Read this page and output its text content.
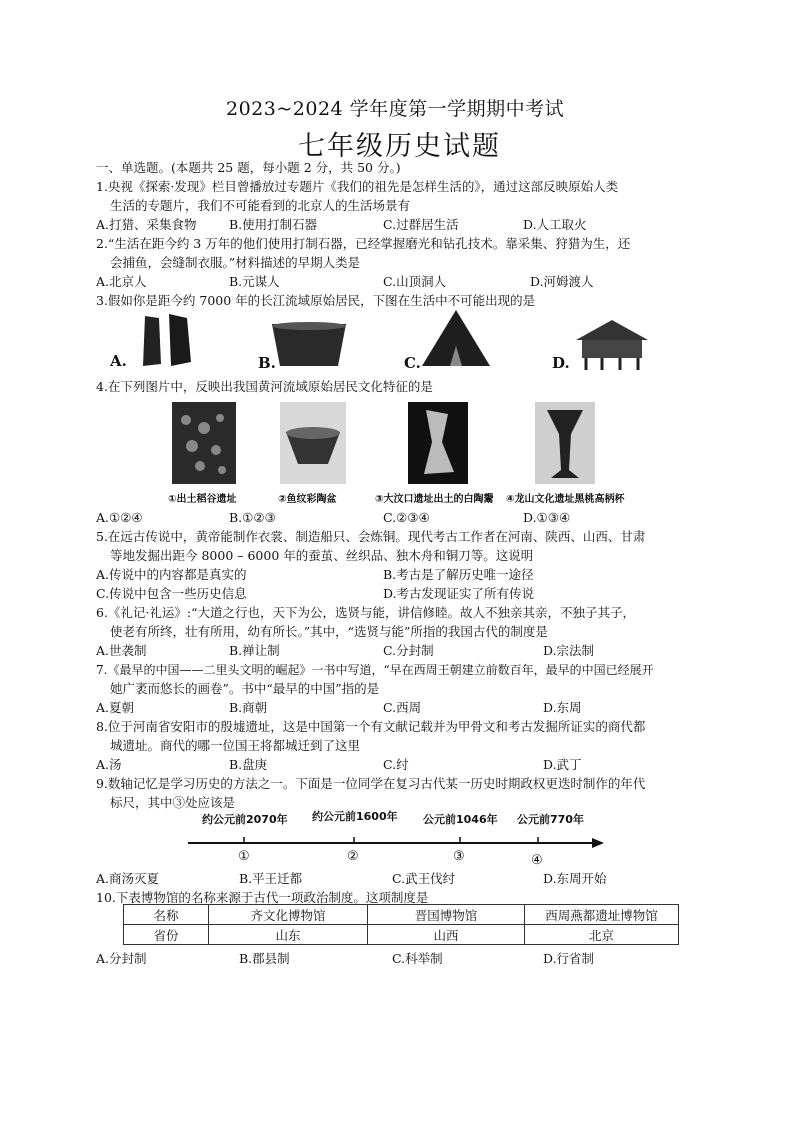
2023~2024 学年度第一学期期中考试
七年级历史试题
一、单选题。(本题共 25 题，每小题 2 分，共 50 分。)
1.央视《探索·发现》栏目曾播放过专题片《我们的祖先是怎样生活的》，通过这部反映原始人类
生活的专题片，我们不可能看到的北京人的生活场景有
A.打猎、采集食物	B.使用打制石器	C.过群居生活	D.人工取火
2.“生活在距今约 3 万年的他们使用打制石器，已经掌握磨光和钻孔技术。靠采集、狩猎为生，还
会捕鱼，会缝制衣服。”材料描述的早期人类是
A.北京人	B.元谋人	C.山顶洞人	D.河姆渡人
3.假如你是距今约 7000 年的长江流域原始居民，下图在生活中不可能出现的是
A.	B.	C.	D.
4.在下列图片中，反映出我国黄河流域原始居民文化特征的是
①出土稻谷遗址	②鱼纹彩陶盆	③大汶口遗址出土的白陶鬶 ④龙山文化遗址黑桃高柄杯
A.①②④	B.①②③	C.②③④	D.①③④
5.在远古传说中，黄帝能制作衣裳、制造船只、会炼铜。现代考古工作者在河南、陕西、山西、甘肃
等地发掘出距今 8000 – 6000 年的蚕茧、丝织品、独木舟和铜刀等。这说明
A.传说中的内容都是真实的	B.考古是了解历史唯一途径
C.传说中包含一些历史信息	D.考古发现证实了所有传说
6.《礼记·礼运》:“大道之行也，天下为公，选贤与能，讲信修睦。故人不独亲其亲，不独子其子，
使老有所终，壮有所用，幼有所长。”其中，“选贤与能”所指的我国古代的制度是
A.世袭制	B.禅让制	C.分封制	D.宗法制
7.《最早的中国——二里头文明的崛起》一书中写道，“早在西周王朝建立前数百年，最早的中国已经展开
她广袤而悠长的画卷”。书中“最早的中国”指的是
A.夏朝	B.商朝	C.西周	D.东周
8.位于河南省安阳市的殷墟遗址，这是中国第一个有文献记载并为甲骨文和考古发掘所证实的商代都
城遗址。商代的哪一位国王将都城迁到了这里
A.汤	B.盘庚	C.纣	D.武丁
9.数轴记忆是学习历史的方法之一。下面是一位同学在复习古代某一历史时期政权更迭时制作的年代
标尺，其中③处应该是
约公元前2070年 约公元前1600年 公元前1046年 公元前770年
①	②	③	④
A.商汤灭夏	B.平王迁都	C.武王伐纣	D.东周开始
10.下表博物馆的名称来源于古代一项政治制度。这项制度是
名称	齐文化博物馆	晋国博物馆	西周燕都遗址博物馆
省份	山东	山西	北京
A.分封制	B.郡县制	C.科举制	D.行省制
